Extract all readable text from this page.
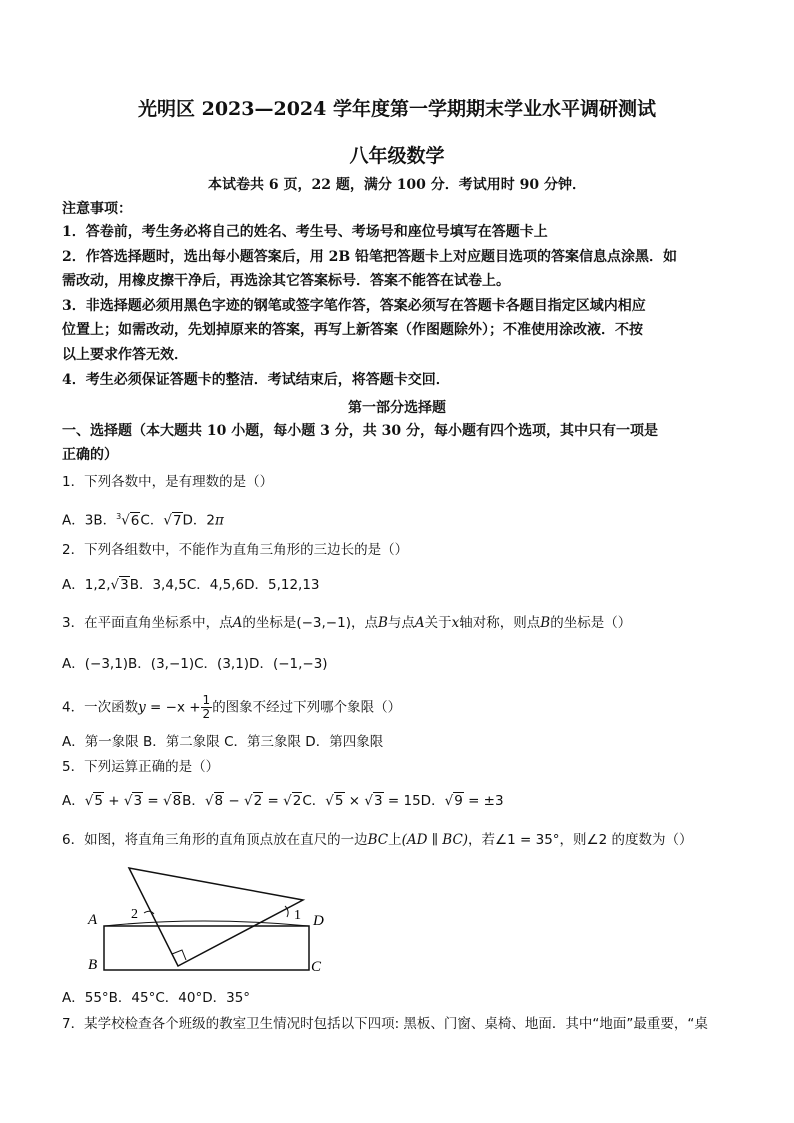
光明区 2023—2024 学年度第一学期期末学业水平调研测试
八年级数学
本试卷共 6 页，22 题，满分 100 分．考试用时 90 分钟．
注意事项：
1．答卷前，考生务必将自己的姓名、考生号、考场号和座位号填写在答题卡上
2．作答选择题时，选出每小题答案后，用 2B 铅笔把答题卡上对应题目选项的答案信息点涂黑．如
需改动，用橡皮擦干净后，再选涂其它答案标号．答案不能答在试卷上。
3．非选择题必须用黑色字迹的钢笔或签字笔作答，答案必须写在答题卡各题目指定区域内相应
位置上；如需改动，先划掉原来的答案，再写上新答案（作图题除外）；不准使用涂改液．不按
以上要求作答无效．
4．考生必须保证答题卡的整洁．考试结束后，将答题卡交回．
第一部分选择题
一、选择题（本大题共 10 小题，每小题 3 分，共 30 分，每小题有四个选项，其中只有一项是
正确的）
1．下列各数中，是有理数的是（）
A．3B．$^3$√6C．√7D．2π
2．下列各组数中，不能作为直角三角形的三边长的是（）
A．1,2,√3B．3,4,5C．4,5,6D．5,12,13
3．在平面直角坐标系中，点A的坐标是(−3,−1)，点B与点A关于x轴对称，则点B的坐标是（）
A．(−3,1)B．(3,−1)C．(3,1)D．(−1,−3)
4．一次函数$y = -x + \frac{1}{2}$ 的图象不经过下列哪个象限（）
A．第一象限 B．第二象限 C．第三象限 D．第四象限
5．下列运算正确的是（）
A．√5 + √3 = √8B．√8 − √2 = √2C．√5 × √3 = 15D．√9 = ±3
6．如图，将直角三角形的直角顶点放在直尺的一边BC上(AD ∥ BC)，若∠1 = 35°，则∠2 的度数为（）
A
B	C
D
1
2
A．55°B．45°C．40°D．35°
7．某学校检查各个班级的教室卫生情况时包括以下四项: 黑板、门窗、桌椅、地面．其中“地面”最重要，“桌
